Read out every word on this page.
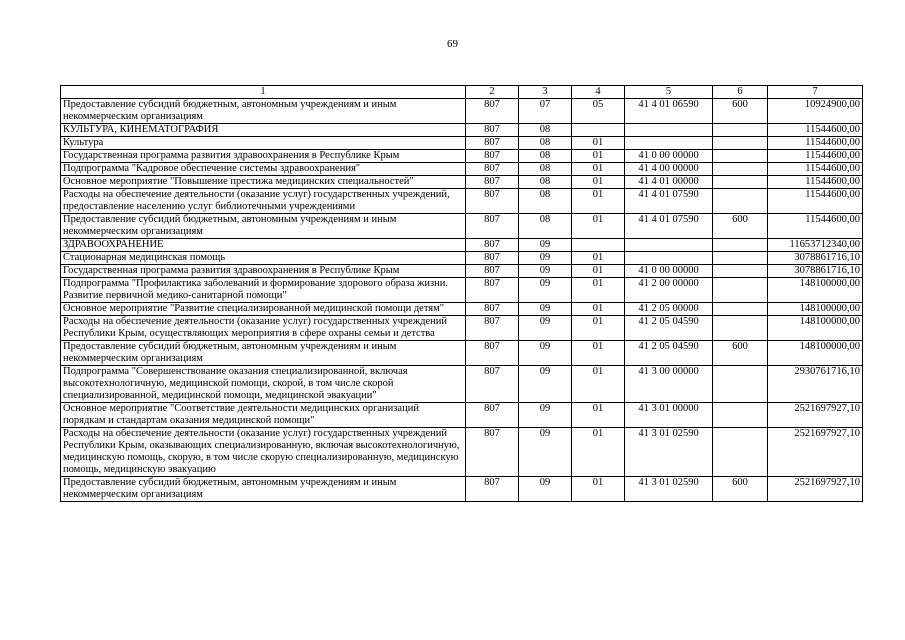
69
1	2	3	4	5	6	7
Предоставление субсидий бюджетным, автономным учреждениям и иным некоммерческим организациям	807	07	05	41 4 01 06590	600	10924900,00
КУЛЬТУРА, КИНЕМАТОГРАФИЯ	807	08				11544600,00
Культура	807	08	01			11544600,00
Государственная программа развития здравоохранения в Республике Крым	807	08	01	41 0 00 00000		11544600,00
Подпрограмма "Кадровое обеспечение системы здравоохранения"	807	08	01	41 4 00 00000		11544600,00
Основное мероприятие "Повышение престижа медицинских специальностей"	807	08	01	41 4 01 00000		11544600,00
Расходы на обеспечение деятельности (оказание услуг) государственных учреждений, предоставление населению услуг библиотечными учреждениями	807	08	01	41 4 01 07590		11544600,00
Предоставление субсидий бюджетным, автономным учреждениям и иным некоммерческим организациям	807	08	01	41 4 01 07590	600	11544600,00
ЗДРАВООХРАНЕНИЕ	807	09				11653712340,00
Стационарная медицинская помощь	807	09	01			3078861716,10
Государственная программа развития здравоохранения в Республике Крым	807	09	01	41 0 00 00000		3078861716,10
Подпрограмма "Профилактика заболеваний и формирование здорового образа жизни. Развитие первичной медико-санитарной помощи"	807	09	01	41 2 00 00000		148100000,00
Основное мероприятие "Развитие специализированной медицинской помощи детям"	807	09	01	41 2 05 00000		148100000,00
Расходы на обеспечение деятельности (оказание услуг) государственных учреждений Республики Крым, осуществляющих мероприятия в сфере охраны семьи и детства	807	09	01	41 2 05 04590		148100000,00
Предоставление субсидий бюджетным, автономным учреждениям и иным некоммерческим организациям	807	09	01	41 2 05 04590	600	148100000,00
Подпрограмма "Совершенствование оказания специализированной, включая высокотехнологичную, медицинской помощи, скорой, в том числе скорой специализированной, медицинской помощи, медицинской эвакуации"	807	09	01	41 3 00 00000		2930761716,10
Основное мероприятие "Соответствие деятельности медицинских организаций порядкам и стандартам оказания медицинской помощи"	807	09	01	41 3 01 00000		2521697927,10
Расходы на обеспечение деятельности (оказание услуг) государственных учреждений Республики Крым, оказывающих специализированную, включая высокотехнологичную, медицинскую помощь, скорую, в том числе скорую специализированную, медицинскую помощь, медицинскую эвакуацию	807	09	01	41 3 01 02590		2521697927,10
Предоставление субсидий бюджетным, автономным учреждениям и иным некоммерческим организациям	807	09	01	41 3 01 02590	600	2521697927,10
